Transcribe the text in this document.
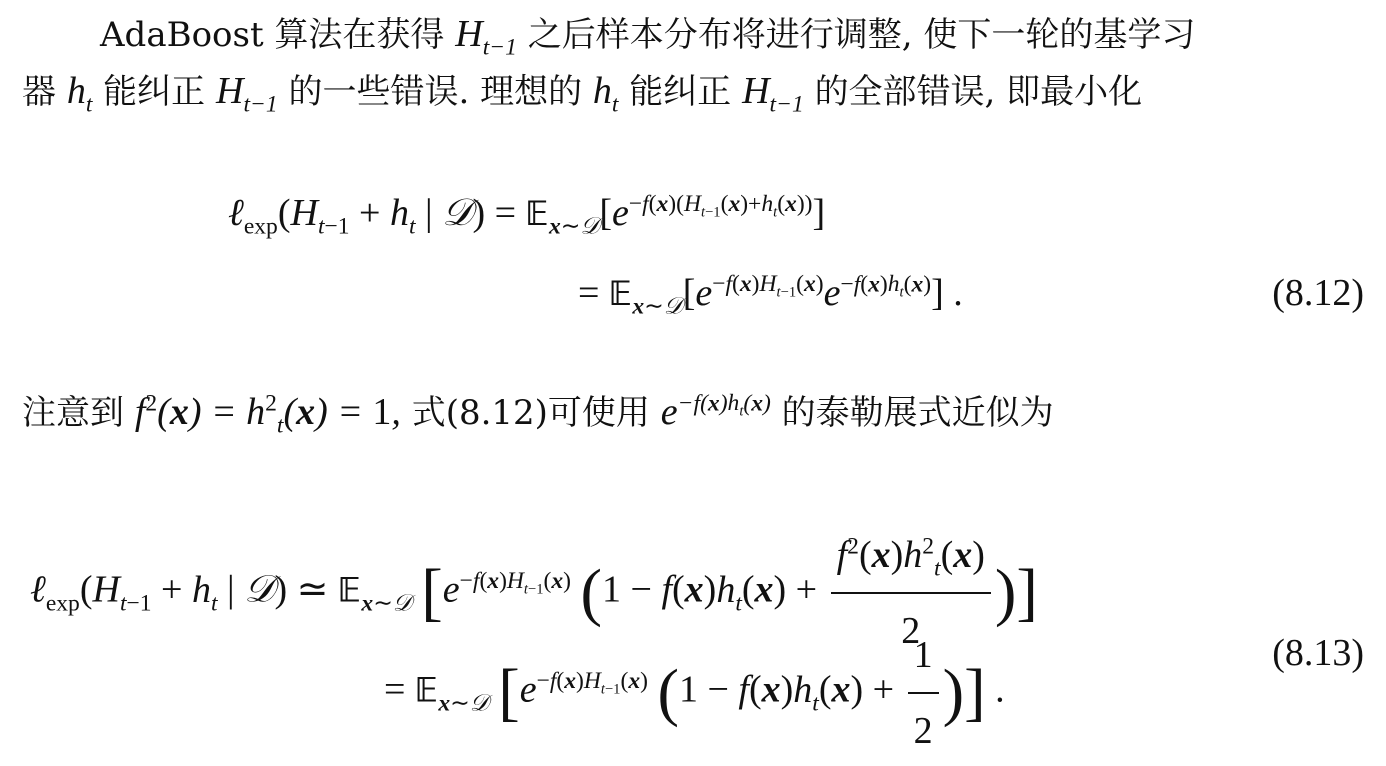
AdaBoost 算法在获得 $H_{t-1}$ 之后样本分布将进行调整, 使下一轮的基学习
器 $h_t$ 能纠正 $H_{t-1}$ 的一些错误. 理想的 $h_t$ 能纠正 $H_{t-1}$ 的全部错误, 即最小化
$\ell_{exp}(H_{t-1} + h_t$ | 𝒟) = $𝔼_{x\sim 𝒟}[e^{-f(x)(H_{t-1}(x)+h_t(x))}]$
= $𝔼_{x\sim 𝒟}[e^{-f(x)H_{t-1}(x)}e^{-f(x)h_t(x)}]$ .	(8.12)
注意到 $f^2(x) = h^2_t(x) = 1$, 式(8.12)可使用 $e^{-f(x)h_t(x)}$ 的泰勒展式近似为
$\ell_{exp}(H_{t-1} + h_t$ | 𝒟) ≃ 𝔼$_{x\sim 𝒟}$ [$e^{-f(x)H_{t-1}(x)}$ ($1 - f(x)h_t(x) + \frac{f^2(x)h^2_t(x)}{2}$ )]
= 𝔼$_{x\sim 𝒟}$ [$e^{-f(x)H_{t-1}(x)}$ ($1 - f(x)h_t(x) + \frac{1}{2}$ )] .
(8.13)
